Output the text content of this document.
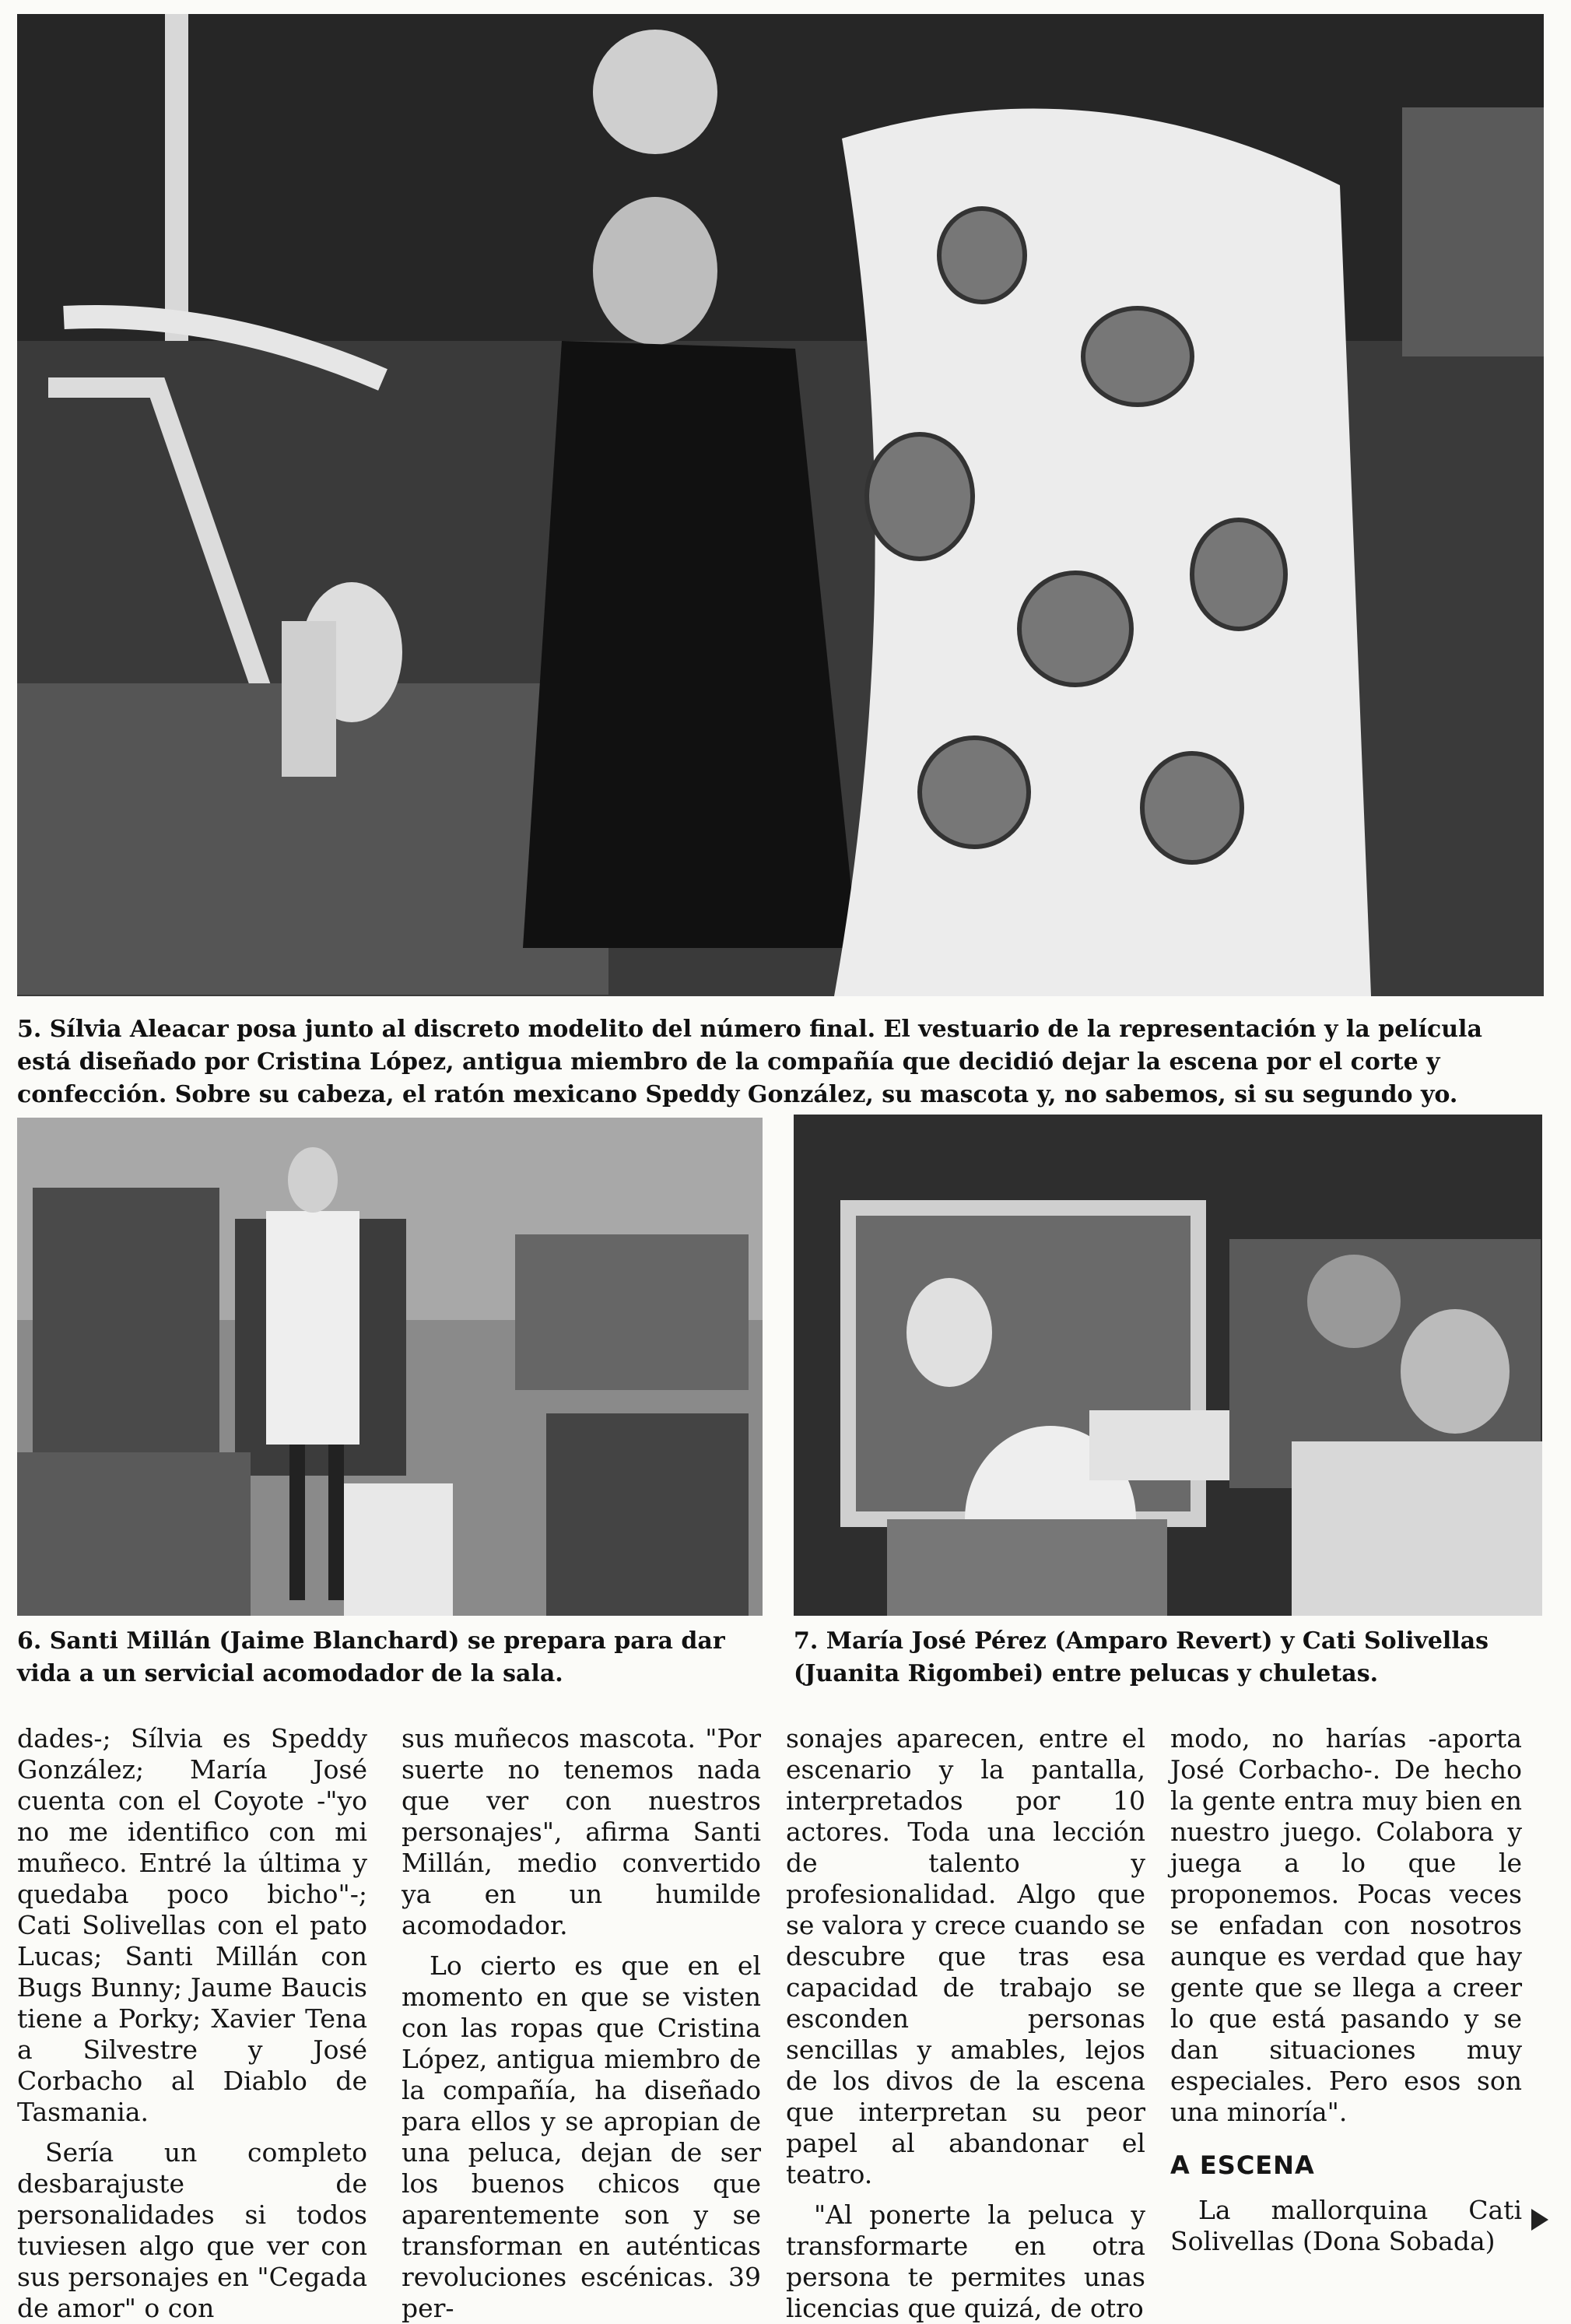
5. Sílvia Aleacar posa junto al discreto modelito del número final. El vestuario de la representación y la película está diseñado por Cristina López, antigua miembro de la compañía que decidió dejar la escena por el corte y confección. Sobre su cabeza, el ratón mexicano Speddy González, su mascota y, no sabemos, si su segundo yo.
6. Santi Millán (Jaime Blanchard) se prepara para dar vida a un servicial acomodador de la sala.
7. María José Pérez (Amparo Revert) y Cati Solivellas (Juanita Rigombei) entre pelucas y chuletas.

dades-; Sílvia es Speddy González; María José cuenta con el Coyote -"yo no me identifico con mi muñeco. Entré la última y quedaba poco bicho"-; Cati Solivellas con el pato Lucas; Santi Millán con Bugs Bunny; Jaume Baucis tiene a Porky; Xavier Tena a Silvestre y José Corbacho al Diablo de Tasmania.

Sería un completo desbarajuste de personalidades si todos tuviesen algo que ver con sus personajes en "Cegada de amor" o con

sus muñecos mascota. "Por suerte no tenemos nada que ver con nuestros personajes", afirma Santi Millán, medio convertido ya en un humilde acomodador.

Lo cierto es que en el momento en que se visten con las ropas que Cristina López, antigua miembro de la compañía, ha diseñado para ellos y se apropian de una peluca, dejan de ser los buenos chicos que aparentemente son y se transforman en auténticas revoluciones escénicas. 39 per-

sonajes aparecen, entre el escenario y la pantalla, interpretados por 10 actores. Toda una lección de talento y profesionalidad. Algo que se valora y crece cuando se descubre que tras esa capacidad de trabajo se esconden personas sencillas y amables, lejos de los divos de la escena que interpretan su peor papel al abandonar el teatro.

"Al ponerte la peluca y transformarte en otra persona te permites unas licencias que quizá, de otro

modo, no harías -aporta José Corbacho-. De hecho la gente entra muy bien en nuestro juego. Colabora y juega a lo que le proponemos. Pocas veces se enfadan con nosotros aunque es verdad que hay gente que se llega a creer lo que está pasando y se dan situaciones muy especiales. Pero esos son una minoría".

A ESCENA

La mallorquina Cati Solivellas (Dona Sobada)
